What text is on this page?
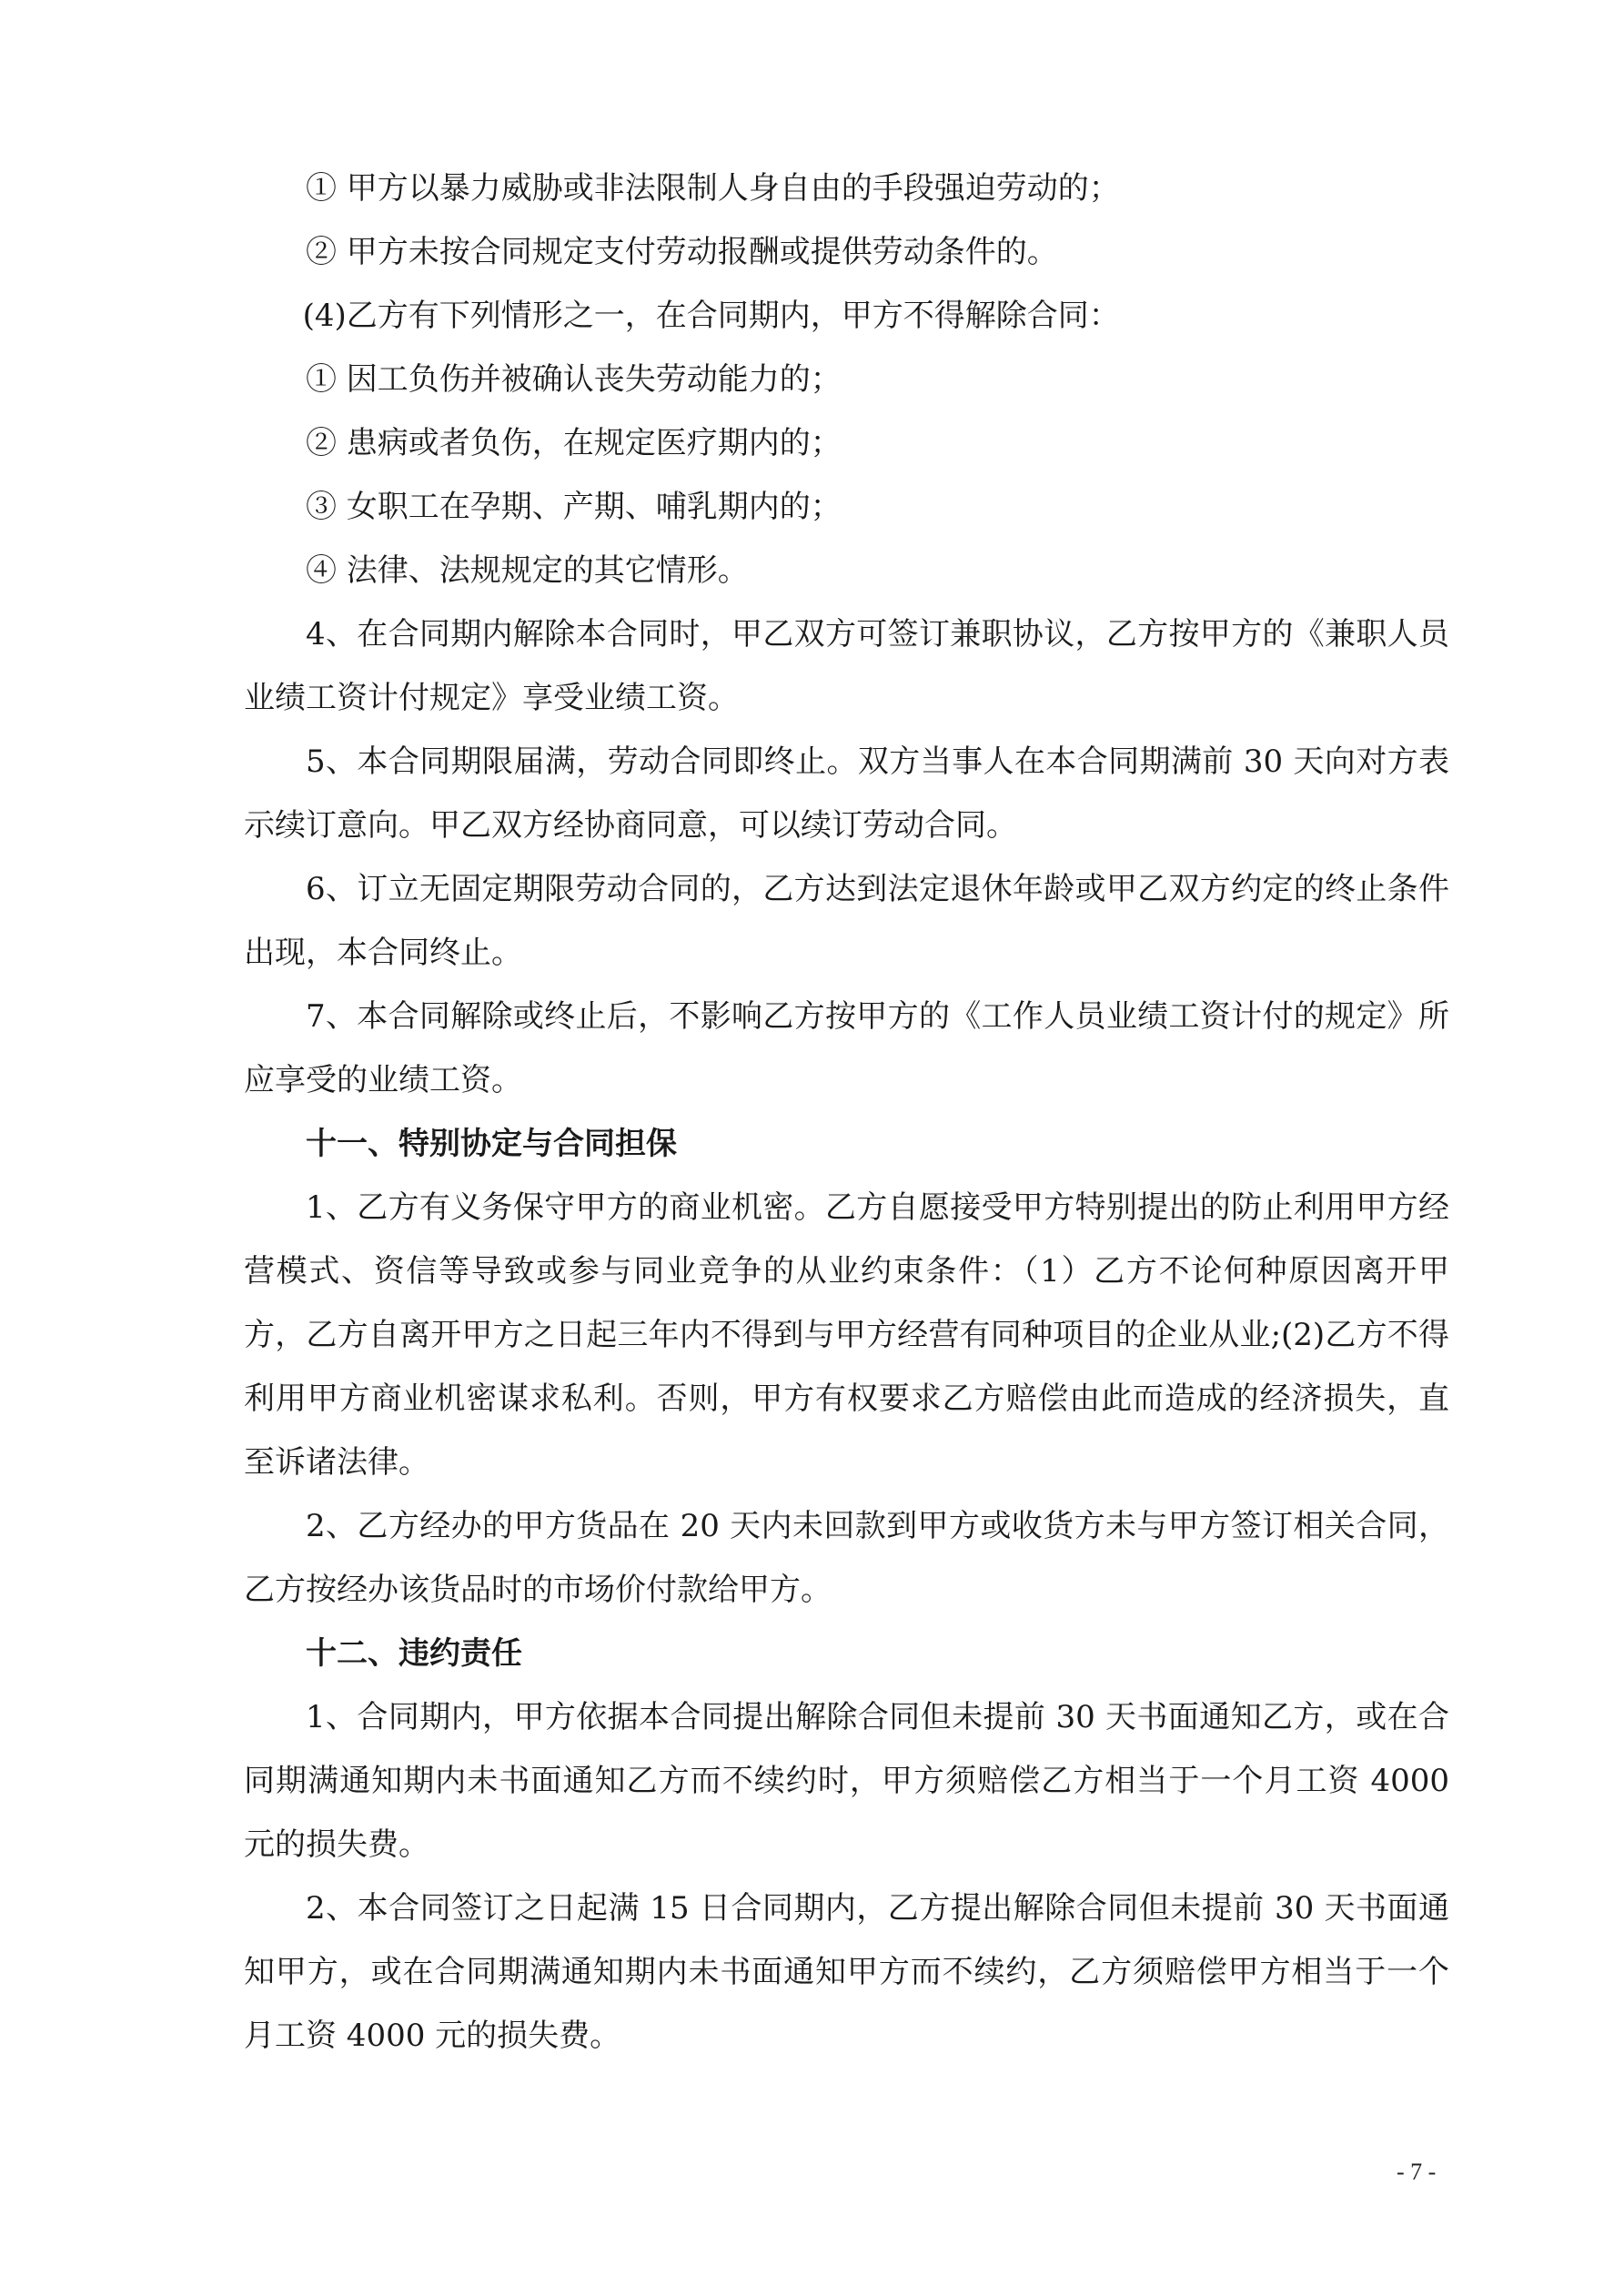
① 甲方以暴力威胁或非法限制人身自由的手段强迫劳动的；

② 甲方未按合同规定支付劳动报酬或提供劳动条件的。

(4)乙方有下列情形之一，在合同期内，甲方不得解除合同：

① 因工负伤并被确认丧失劳动能力的；

② 患病或者负伤，在规定医疗期内的；

③ 女职工在孕期、产期、哺乳期内的；

④ 法律、法规规定的其它情形。

4、在合同期内解除本合同时，甲乙双方可签订兼职协议，乙方按甲方的《兼职人员业绩工资计付规定》享受业绩工资。

5、本合同期限届满，劳动合同即终止。双方当事人在本合同期满前 30 天向对方表示续订意向。甲乙双方经协商同意，可以续订劳动合同。

6、订立无固定期限劳动合同的，乙方达到法定退休年龄或甲乙双方约定的终止条件出现，本合同终止。

7、本合同解除或终止后，不影响乙方按甲方的《工作人员业绩工资计付的规定》所应享受的业绩工资。

十一、特别协定与合同担保

1、乙方有义务保守甲方的商业机密。乙方自愿接受甲方特别提出的防止利用甲方经营模式、资信等导致或参与同业竞争的从业约束条件：（1）乙方不论何种原因离开甲方，乙方自离开甲方之日起三年内不得到与甲方经营有同种项目的企业从业;(2)乙方不得利用甲方商业机密谋求私利。否则，甲方有权要求乙方赔偿由此而造成的经济损失，直至诉诸法律。

2、乙方经办的甲方货品在 20 天内未回款到甲方或收货方未与甲方签订相关合同，乙方按经办该货品时的市场价付款给甲方。

十二、违约责任

1、合同期内，甲方依据本合同提出解除合同但未提前 30 天书面通知乙方，或在合同期满通知期内未书面通知乙方而不续约时，甲方须赔偿乙方相当于一个月工资 4000 元的损失费。

2、本合同签订之日起满 15 日合同期内，乙方提出解除合同但未提前 30 天书面通知甲方，或在合同期满通知期内未书面通知甲方而不续约，乙方须赔偿甲方相当于一个月工资 4000 元的损失费。

- 7 -
